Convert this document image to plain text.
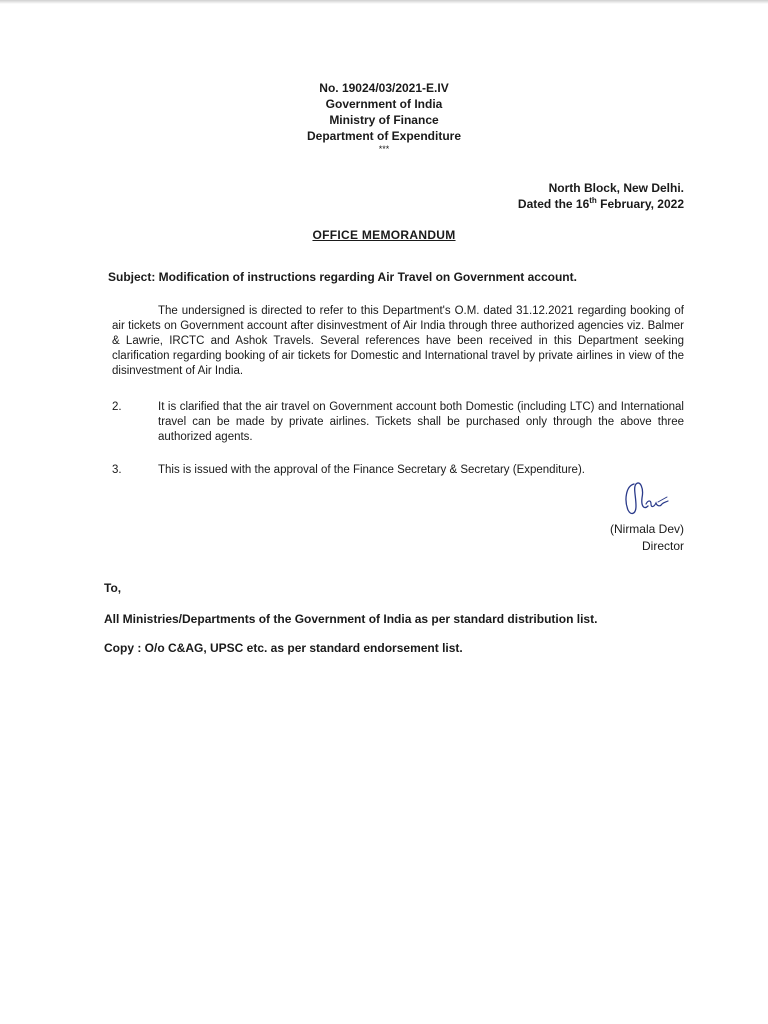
No. 19024/03/2021-E.IV
Government of India
Ministry of Finance
Department of Expenditure
***
North Block, New Delhi.
Dated the 16th February, 2022
OFFICE MEMORANDUM
Subject: Modification of instructions regarding Air Travel on Government account.
The undersigned is directed to refer to this Department's O.M. dated 31.12.2021 regarding booking of air tickets on Government account after disinvestment of Air India through three authorized agencies viz. Balmer & Lawrie, IRCTC and Ashok Travels. Several references have been received in this Department seeking clarification regarding booking of air tickets for Domestic and International travel by private airlines in view of the disinvestment of Air India.
2.	It is clarified that the air travel on Government account both Domestic (including LTC) and International travel can be made by private airlines. Tickets shall be purchased only through the above three authorized agents.
3.	This is issued with the approval of the Finance Secretary & Secretary (Expenditure).
(Nirmala Dev)
Director
To,
All Ministries/Departments of the Government of India as per standard distribution list.
Copy : O/o C&AG, UPSC etc. as per standard endorsement list.
